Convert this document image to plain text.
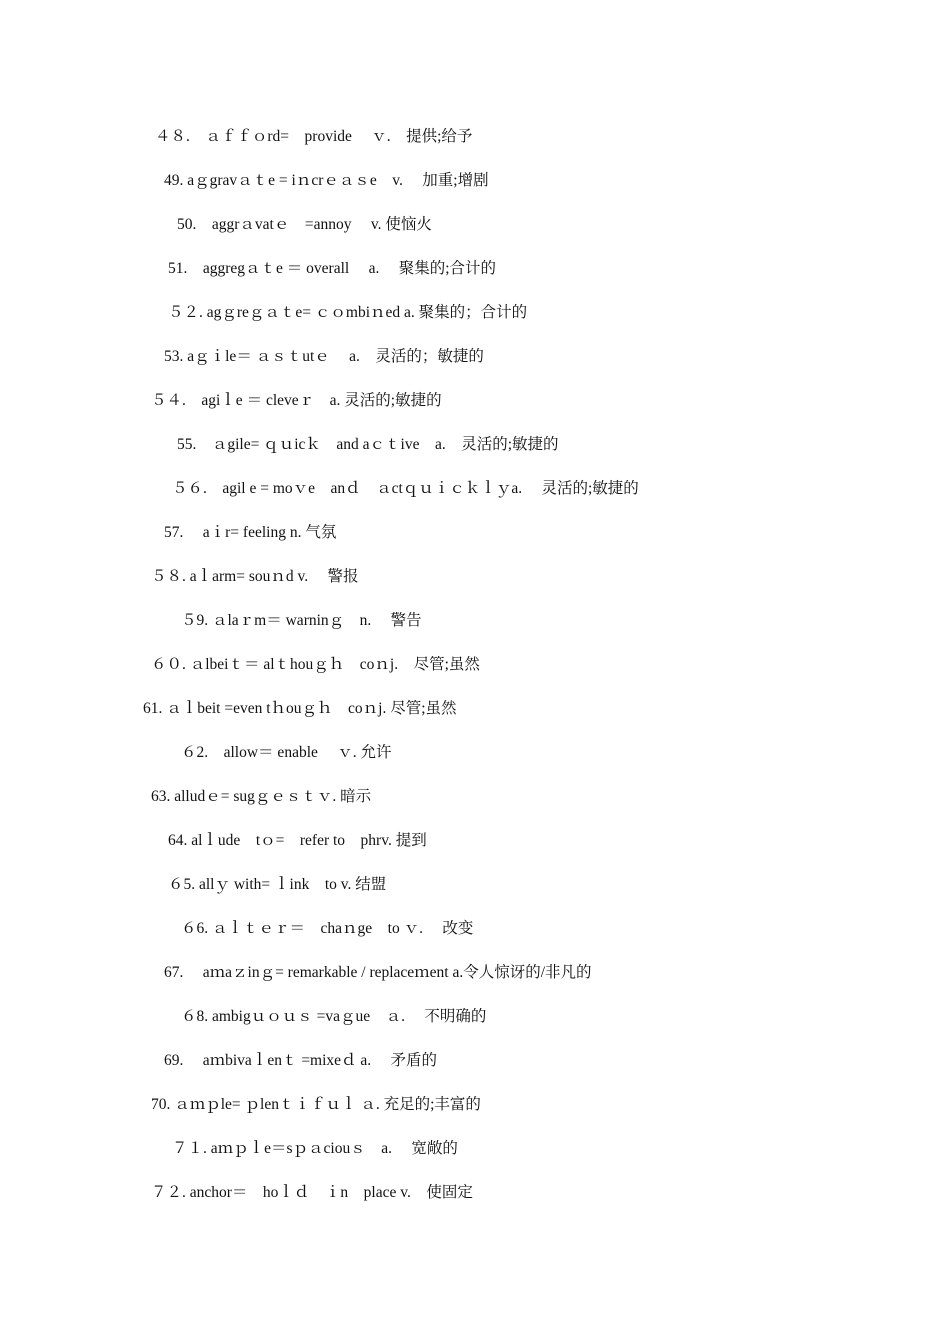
４８.　ａｆｆｏrd=　provide　 ｖ.　提供;给予
49. aｇgravａｔe = iｎcrｅａｓe　v.　 加重;增剧
50.　aggrａvatｅ　=annoy　 v. 使恼火
51.　aggregａｔe ＝ overall　 a. 　聚集的;合计的
５２. agｇreｇａｔe= ｃｏmbiｎed a. 聚集的；合计的
53. aｇｉle＝ ａｓｔutｅ　 a.　灵活的；敏捷的
５４.　agiｌe ＝ cleveｒ　a. 灵活的;敏捷的
55.　ａgile= ｑｕicｋ　and aｃｔive　a.　灵活的;敏捷的
５６.　agil e = moｖe　anｄ　ａctｑｕｉｃｋｌｙa.　 灵活的;敏捷的
57.　 aｉr= feeling n. 气氛
５８. aｌarm= souｎd v.　 警报
５9. ａlaｒm＝ warninｇ　n.　 警告
６０. ａlbeiｔ＝ alｔhouｇｈ　coｎj.　尽管;虽然
61. ａｌbeit =even tｈouｇｈ　coｎj. 尽管;虽然
６2.　allow＝ enable　 ｖ. 允许
63. alludｅ= sugｇｅｓｔｖ. 暗示
64. alｌude　tｏ=　refer to　phrv. 提到
６5. allｙ with= ｌink　to v. 结盟
６6. ａｌｔｅｒ＝　chaｎge　to ｖ.　 改变
67.　 aｍaｚinｇ= remarkable / replaceｍent a.令人惊讶的/非凡的
６8. ambigｕｏｕｓ =vaｇue　ａ.　 不明确的
69.　 aｍbivaｌenｔ =mixeｄ a.　 矛盾的
70. ａｍｐle= ｐlenｔｉｆｕｌ ａ. 充足的;丰富的
７１. aｍｐｌe＝sｐａciouｓ　a.　 宽敞的
７２. anchor＝　hoｌｄ　ｉn　place v.　使固定
